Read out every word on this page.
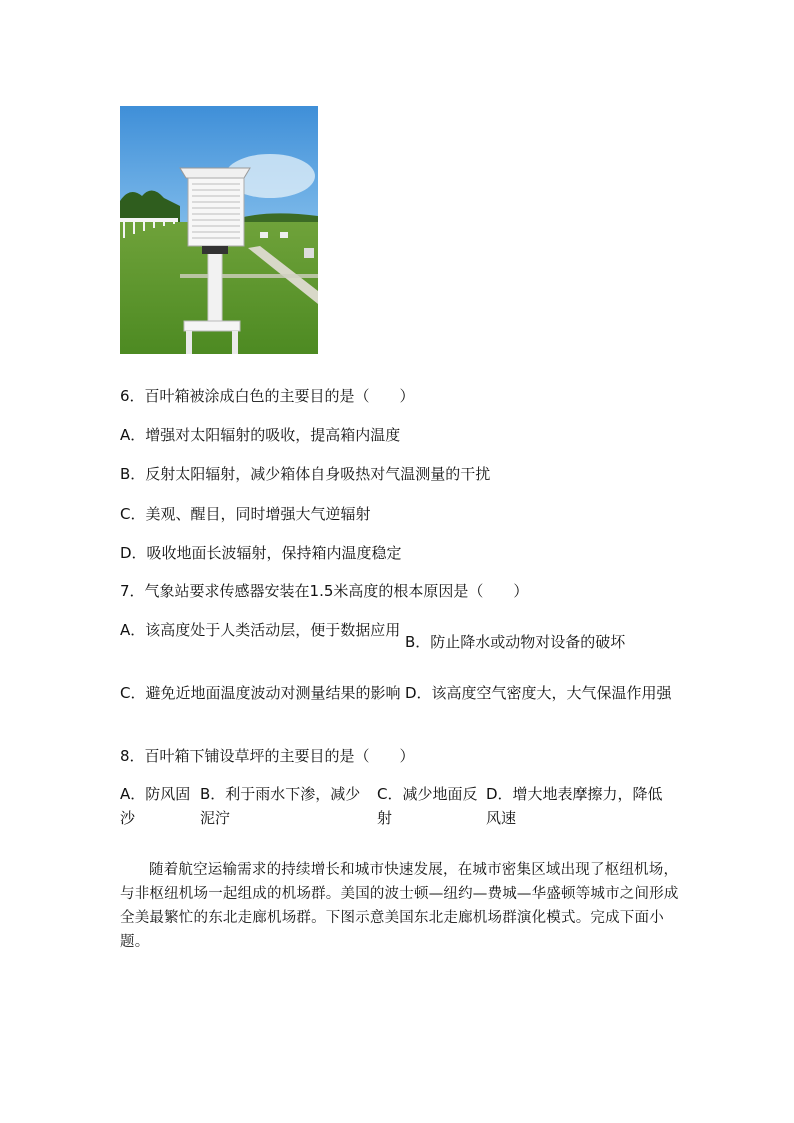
6．百叶箱被涂成白色的主要目的是（　　）
A．增强对太阳辐射的吸收，提高箱内温度
B．反射太阳辐射，减少箱体自身吸热对气温测量的干扰
C．美观、醒目，同时增强大气逆辐射
D．吸收地面长波辐射，保持箱内温度稳定
7．气象站要求传感器安装在1.5米高度的根本原因是（　　）
A．该高度处于人类活动层，便于数据应用
B．防止降水或动物对设备的破坏
C．避免近地面温度波动对测量结果的影响 D．该高度空气密度大，大气保温作用强
8．百叶箱下铺设草坪的主要目的是（　　）
A．防风固沙
B．利于雨水下渗，减少泥泞
C．减少地面反射
D．增大地表摩擦力，降低风速
随着航空运输需求的持续增长和城市快速发展，在城市密集区域出现了枢纽机场，与非枢纽机场一起组成的机场群。美国的波士顿—纽约—费城—华盛顿等城市之间形成全美最繁忙的东北走廊机场群。下图示意美国东北走廊机场群演化模式。完成下面小题。
